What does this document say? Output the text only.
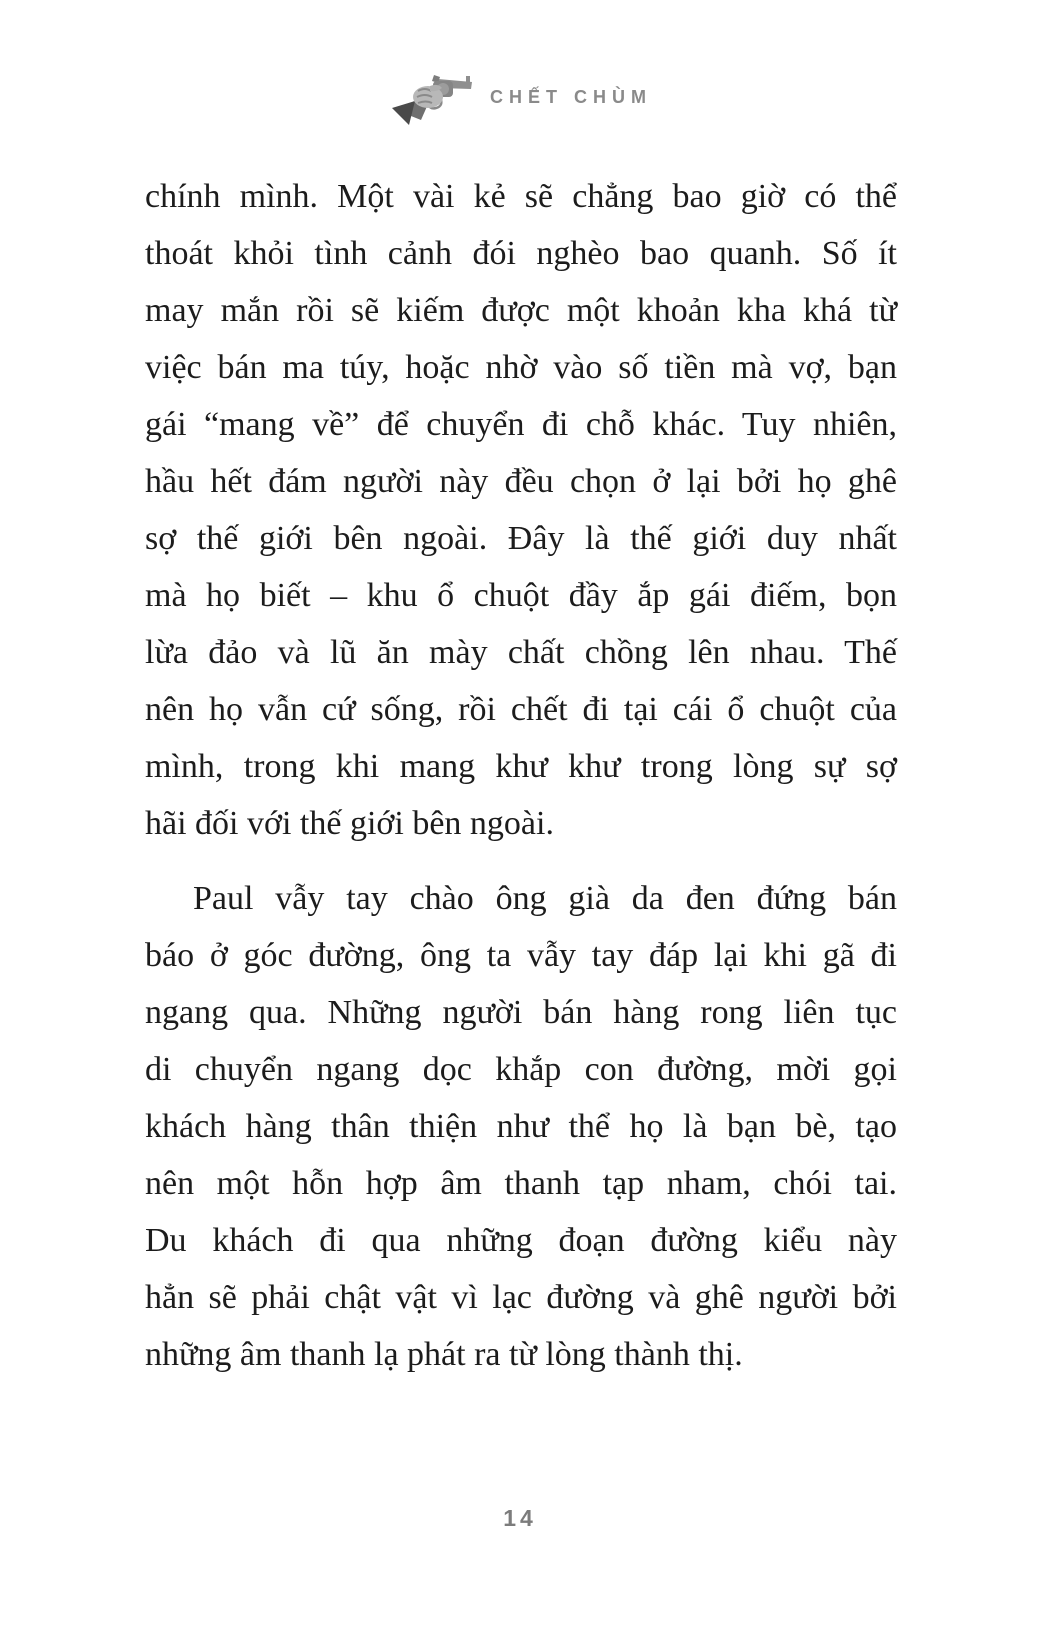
CHẾT CHÙM
chính mình. Một vài kẻ sẽ chẳng bao giờ có thể
thoát khỏi tình cảnh đói nghèo bao quanh. Số ít
may mắn rồi sẽ kiếm được một khoản kha khá từ
việc bán ma túy, hoặc nhờ vào số tiền mà vợ, bạn
gái “mang về” để chuyển đi chỗ khác. Tuy nhiên,
hầu hết đám người này đều chọn ở lại bởi họ ghê
sợ thế giới bên ngoài. Đây là thế giới duy nhất
mà họ biết – khu ổ chuột đầy ắp gái điếm, bọn
lừa đảo và lũ ăn mày chất chồng lên nhau. Thế
nên họ vẫn cứ sống, rồi chết đi tại cái ổ chuột của
mình, trong khi mang khư khư trong lòng sự sợ
hãi đối với thế giới bên ngoài.
Paul vẫy tay chào ông già da đen đứng bán
báo ở góc đường, ông ta vẫy tay đáp lại khi gã đi
ngang qua. Những người bán hàng rong liên tục
di chuyển ngang dọc khắp con đường, mời gọi
khách hàng thân thiện như thể họ là bạn bè, tạo
nên một hỗn hợp âm thanh tạp nham, chói tai.
Du khách đi qua những đoạn đường kiểu này
hẳn sẽ phải chật vật vì lạc đường và ghê người bởi
những âm thanh lạ phát ra từ lòng thành thị.
14
